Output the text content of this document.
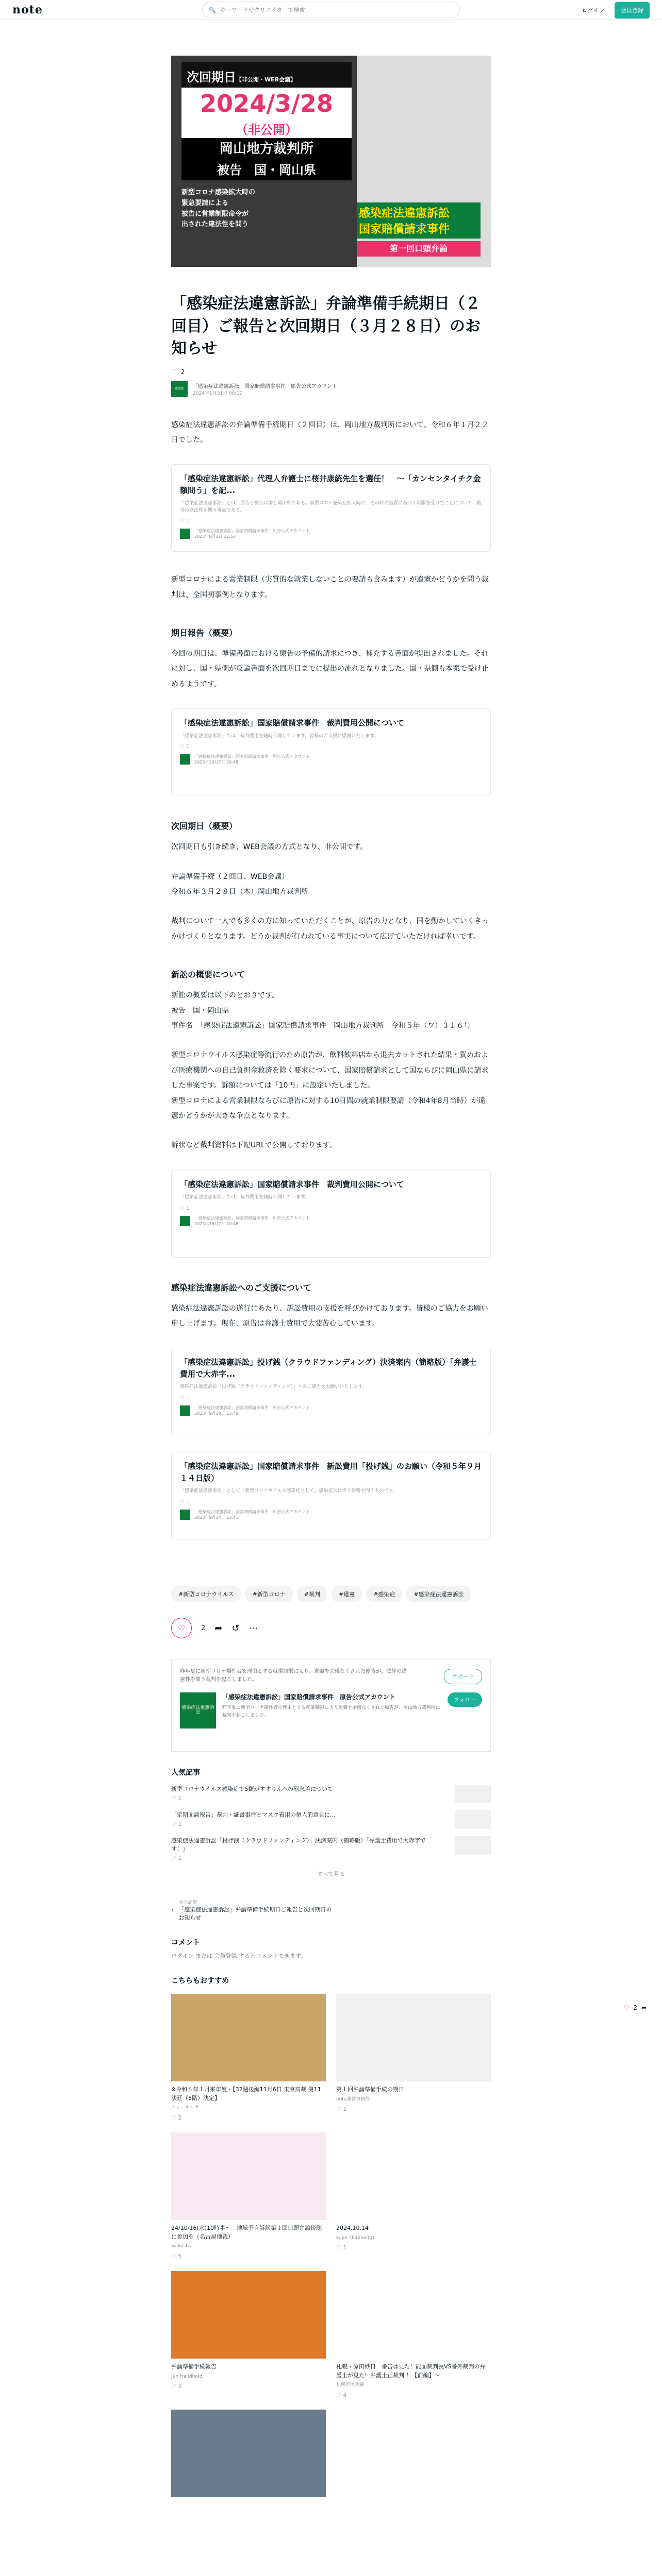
note	🔍
キーワードやクリエイターで検索	ログイン	会員登録
次回期日【非公開・WEB会議】
2024/3/28
（非公開）
岡山地方裁判所
被告　国・岡山県
新型コロナ感染拡大時の
緊急要請による
被告に営業制限命令が
出された違法性を問う
感染症法違憲訴訟
国家賠償請求事件
第一回口頭弁論
「感染症法違憲訴訟」弁論準備手続期日（２回目）ご報告と次回期日（３月２８日）のお知らせ
♡ 2
感染症	「感染症法違憲訴訟」国家賠償請求事件　原告公式アカウント
2024年1月31日 00:17

感染症法違憲訴訟の弁論準備手続期日（２回目）は、岡山地方裁判所において、令和６年１月２２日でした。

「感染症法違憲訴訟」代理人弁護士に桜井康統先生を選任！　～「カンセンタイチク金額問う」を記...
「感染症法違憲訴訟」とは。原告と被告は国と岡山県である。新型コロナ感染症拡大時に、その時の措置に基づく制限を受けたことについて、被告の違法性を問う訴訟である。
♡ 1
「感染症法違憲訴訟」国家賠償請求事件　原告公式アカウント
2023年8月2日 22:53

新型コロナによる営業制限（実質的な就業しないことの要請も含みます）が違憲かどうかを問う裁判は、全国初事例となります。

期日報告（概要）

今回の期日は、準備書面における原告の予備的請求につき、補充する書面が提出されました。それに対し、国・県側が反論書面を次回期日までに提出の流れとなりました。国・県側も本案で受け止めるようです。

「感染症法違憲訴訟」国家賠償請求事件　裁判費用公開について
「感染症法違憲訴訟」では、裁判費用を随時公開しています。皆様のご支援に感謝いたします。
♡ 1
「感染症法違憲訴訟」国家賠償請求事件　原告公式アカウント
2023年10月7日 20:48
次回期日（概要）

次回期日も引き続き、WEB会議の方式となり、非公開です。

弁論準備手続（２回目、WEB会議）

令和６年３月２８日（木）岡山地方裁判所

裁判について一人でも多くの方に知っていただくことが、原告の力となり、国を動かしていくきっかけづくりとなります。どうか裁判が行われている事実について広げていただければ幸いです。

新訟の概要について

新訟の概要は以下のとおりです。

被告　国・岡山県

事件名　「感染症法違憲訴訟」国家賠償請求事件　岡山地方裁判所　令和５年（ワ）３１６号

新型コロナウイルス感染症等流行のため原告が、飲料飲料店から退去カットされた結果・賀めおよび医療機関への自己負担金救済を除く要求について、国家賠償請求として国ならびに岡山県に請求した事案です。訴額については「10円」に設定いたしました。

新型コロナによる営業制限ならびに原告に対する10日間の就業制限要請（令和4年8月当時）が違憲かどうかが大きな争点となります。

訴状など裁判資料は下記URLで公開しております。

「感染症法違憲訴訟」国家賠償請求事件　裁判費用公開について
「感染症法違憲訴訟」では、裁判費用を随時公開しています。
♡ 1
「感染症法違憲訴訟」国家賠償請求事件　原告公式アカウント
2023年10月7日 20:48
感染症法違憲訴訟へのご支援について

感染症法違憲訴訟の遂行にあたり、訴訟費用の支援を呼びかけております。皆様のご協力をお願い申し上げます。現在、原告は弁護士費用で大変苦心しています。

「感染症法違憲訴訟」投げ銭（クラウドファンディング）決済案内（簡略版）「弁護士費用で大赤字...
感染症法違憲訴訟「投げ銭（クラウドファンディング）」へのご協力をお願いいたします。
♡ 1
「感染症法違憲訴訟」国家賠償請求事件　原告公式アカウント
2023年9月19日 23:48
「感染症法違憲訴訟」国家賠償請求事件　新訟費用「投げ銭」のお願い（令和５年９月１４日版）
「感染症法違憲訴訟」として「新型コロナウイルス感染症として」感染拡大に伴う影響を問うものです。
♡ 1
「感染症法違憲訴訟」国家賠償請求事件　原告公式アカウント
2023年9月14日 23:41
#新型コロナウイルス	#新型コロナ	#裁判	#違憲	#感染症	#感染症法違憲訴訟
♡	2 ➦ ↺ ⋯
昨年夏に新型コロナ陽性者を理由とする就業制限により、退職を余儀なくされた原告が、法律の違憲性を問う裁判を起こしました。	サポート
感染症法違憲訴訟
「感染症法違憲訴訟」国家賠償請求事件　原告公式アカウント
昨年夏に新型コロナ陽性者を理由とする就業制限により退職を余儀なくされた原告が、岡山地方裁判所に裁判を起こしました。
フォロー
人気記事
新型コロナウイルス感染症で5類がすすりんへの慰念差について
♡ 1
「定期面談報告」裁判・証書事件とマスク着用の個人的意見に...
♡ 1
感染症法違憲訴訟「投げ銭（クラウドファンディング）」決済案内（簡略版）「弁護士費用で大赤字です！」
♡ 1
すべて見る
‹
前の記事
「感染症法違憲訴訟」弁論準備手続期日ご報告と次回期日のお知らせ
コメント
ログイン または 会員登録 するとコメントできます。
こちらもおすすめ
※令和６年１月来年度・【32週後編11月6日 東京高裁 第11 法廷（5階）決定】
ニューキャラ
♡ 2
第１回弁論準備手続の期日
note運営事務局
♡ 1
24/10/16(水)10時半～　地域予言訴訟第１回口頭弁論傍聴に参加を（名古屋地裁）
wakusbs
♡ 5
2024.10.14
kuyo（kitanaito）
♡ 1
弁論準備手続報告
Jun Handhold
♡ 3
札幌・原田紗日一番告は見た！能面裁判長VS番外裁判の弁護士が見た！弁護士正裁判 ！【前編】～
札幌市民会議
♡ 4
♡ 2 ➦
